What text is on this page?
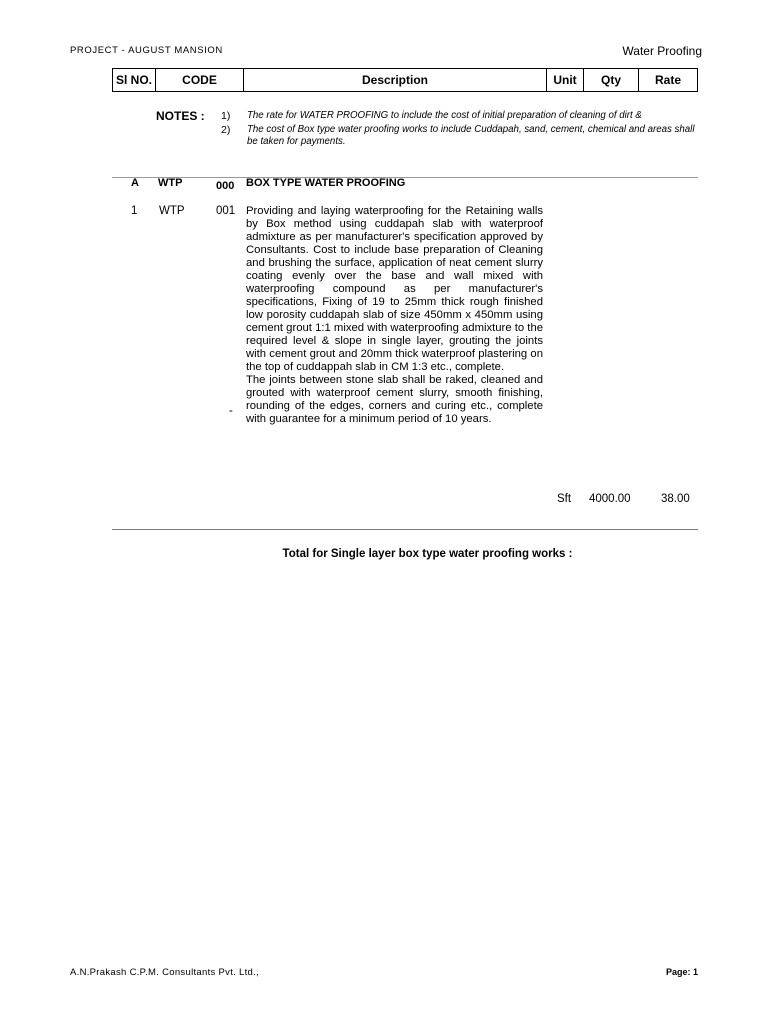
PROJECT - AUGUST MANSION	Water Proofing
Sl NO.	CODE	Description	Unit	Qty	Rate
NOTES : 1) The rate for WATER PROOFING to include the cost of initial preparation of cleaning of dirt &
2) The cost of Box type water proofing works to include Cuddapah, sand, cement, chemical and areas shall be taken for payments.
A WTP	000 BOX TYPE WATER PROOFING
1 WTP	001 Providing and laying waterproofing for the Retaining walls by Box method using cuddapah slab with waterproof admixture as per manufacturer's specification approved by Consultants. Cost to include base preparation of Cleaning and brushing the surface, application of neat cement slurry coating evenly over the base and wall mixed with waterproofing compound as per manufacturer's specifications, Fixing of 19 to 25mm thick rough finished low porosity cuddapah slab of size 450mm x 450mm using cement grout 1:1 mixed with waterproofing admixture to the required level & slope in single layer, grouting the joints with cement grout and 20mm thick waterproof plastering on the top of cuddappah slab in CM 1:3 etc., complete.

The joints between stone slab shall be raked, cleaned and grouted with waterproof cement slurry, smooth finishing, rounding of the edges, corners and curing etc., complete with guarantee for a minimum period of 10 years.

-
Sft 4000.00	38.00
Total for Single layer box type water proofing works :
A.N.Prakash C.P.M. Consultants Pvt. Ltd.,	Page: 1
